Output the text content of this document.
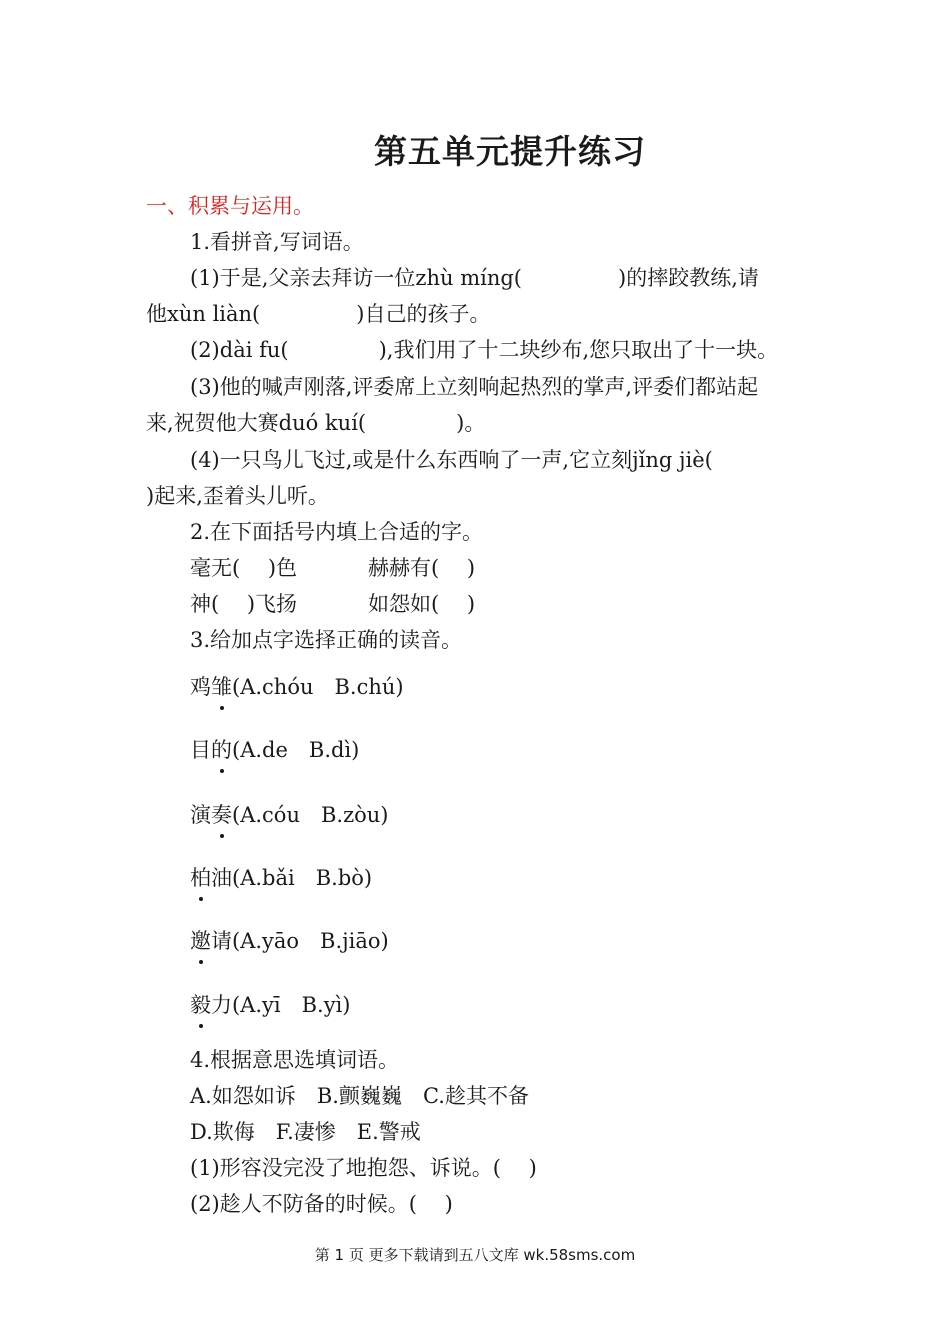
第五单元提升练习
一、积累与运用。
1.看拼音,写词语。
(1)于是,父亲去拜访一位zhù míng(	)的摔跤教练,请
他xùn liàn(	)自己的孩子。
(2)dài fu(	),我们用了十二块纱布,您只取出了十一块。
(3)他的喊声刚落,评委席上立刻响起热烈的掌声,评委们都站起
来,祝贺他大赛duó kuí(	)。
(4)一只鸟儿飞过,或是什么东西响了一声,它立刻jǐng jiè(
)起来,歪着头儿听。
2.在下面括号内填上合适的字。
毫无(　 )色	赫赫有(　 )
神(　 )飞扬	如怨如(　 )
3.给加点字选择正确的读音。
鸡雏(A.chóu　B.chú)
目的(A.de　B.dì)
演奏(A.cóu　B.zòu)
柏油(A.bǎi　B.bò)
邀请(A.yāo　B.jiāo)
毅力(A.yī　B.yì)
4.根据意思选填词语。
A.如怨如诉　B.颤巍巍　C.趁其不备
D.欺侮　F.凄惨　E.警戒
(1)形容没完没了地抱怨、诉说。(　 )
(2)趁人不防备的时候。(　 )
第 1 页 更多下载请到五八文库 wk.58sms.com
